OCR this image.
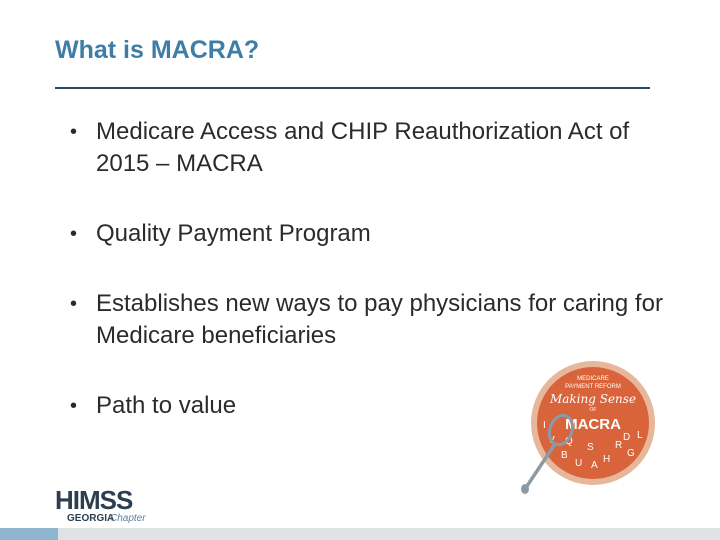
What is MACRA?
• Medicare Access and CHIP Reauthorization Act of 2015 – MACRA
• Quality Payment Program
• Establishes new ways to pay physicians for caring for Medicare beneficiaries
• Path to value
MEDICARE
PAYMENT REFORM
Making Sense
OF
MACRA
I
V
B
U A
H
R
G
D L
Q
S
HIMSS
GEORGIA
Chapter
